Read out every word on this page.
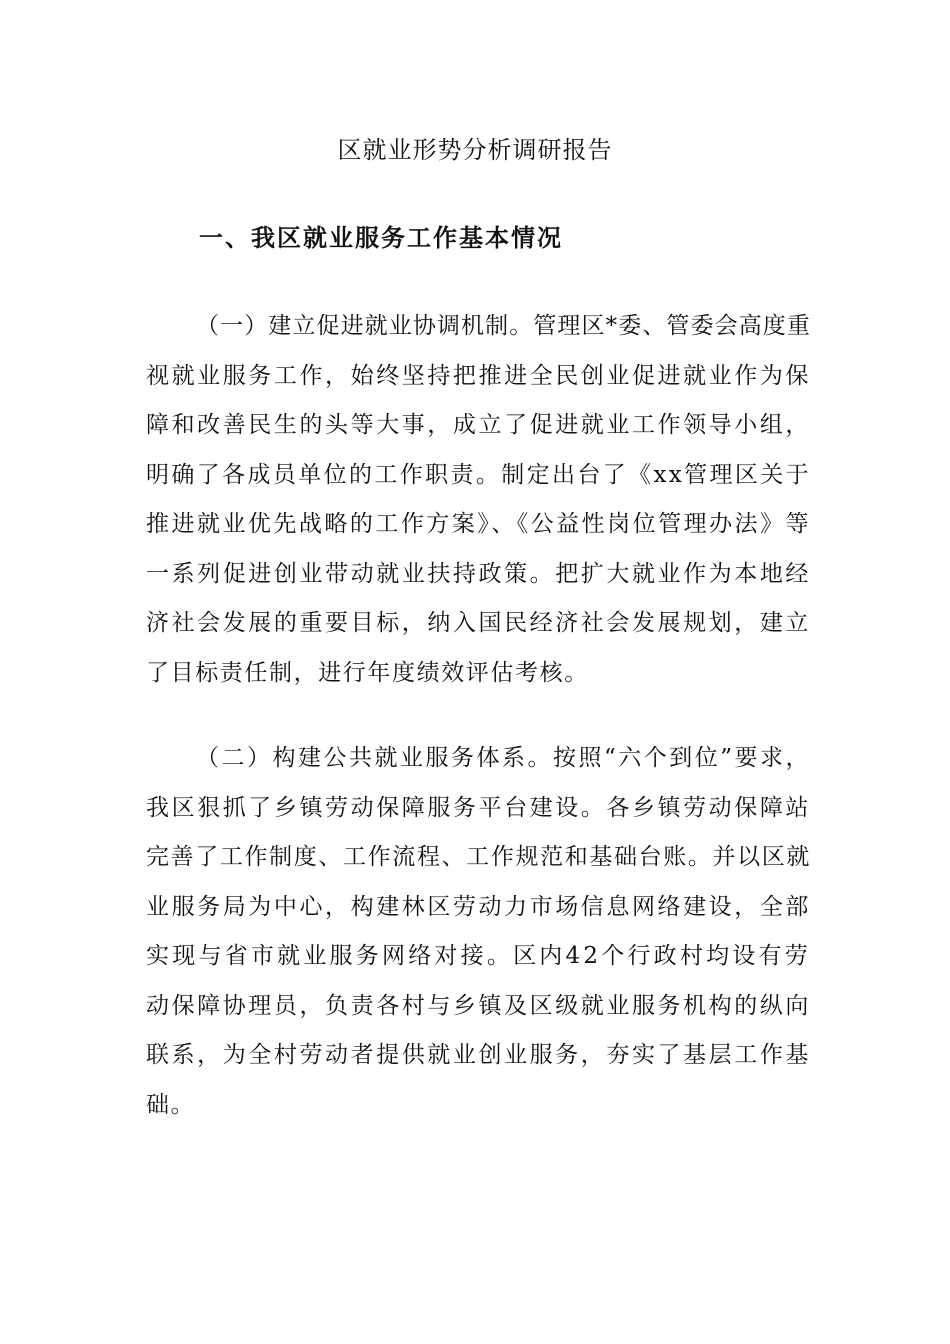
区就业形势分析调研报告
一、我区就业服务工作基本情况

（一）建立促进就业协调机制。管理区*委、管委会高度重
视就业服务工作，始终坚持把推进全民创业促进就业作为保
障和改善民生的头等大事，成立了促进就业工作领导小组，
明确了各成员单位的工作职责。制定出台了《xx管理区关于
推进就业优先战略的工作方案》、《公益性岗位管理办法》等
一系列促进创业带动就业扶持政策。把扩大就业作为本地经
济社会发展的重要目标，纳入国民经济社会发展规划，建立
了目标责任制，进行年度绩效评估考核。

（二）构建公共就业服务体系。按照“六个到位”要求，
我区狠抓了乡镇劳动保障服务平台建设。各乡镇劳动保障站
完善了工作制度、工作流程、工作规范和基础台账。并以区就
业服务局为中心，构建林区劳动力市场信息网络建设，全部
实现与省市就业服务网络对接。区内42个行政村均设有劳
动保障协理员，负责各村与乡镇及区级就业服务机构的纵向
联系，为全村劳动者提供就业创业服务，夯实了基层工作基
础。
